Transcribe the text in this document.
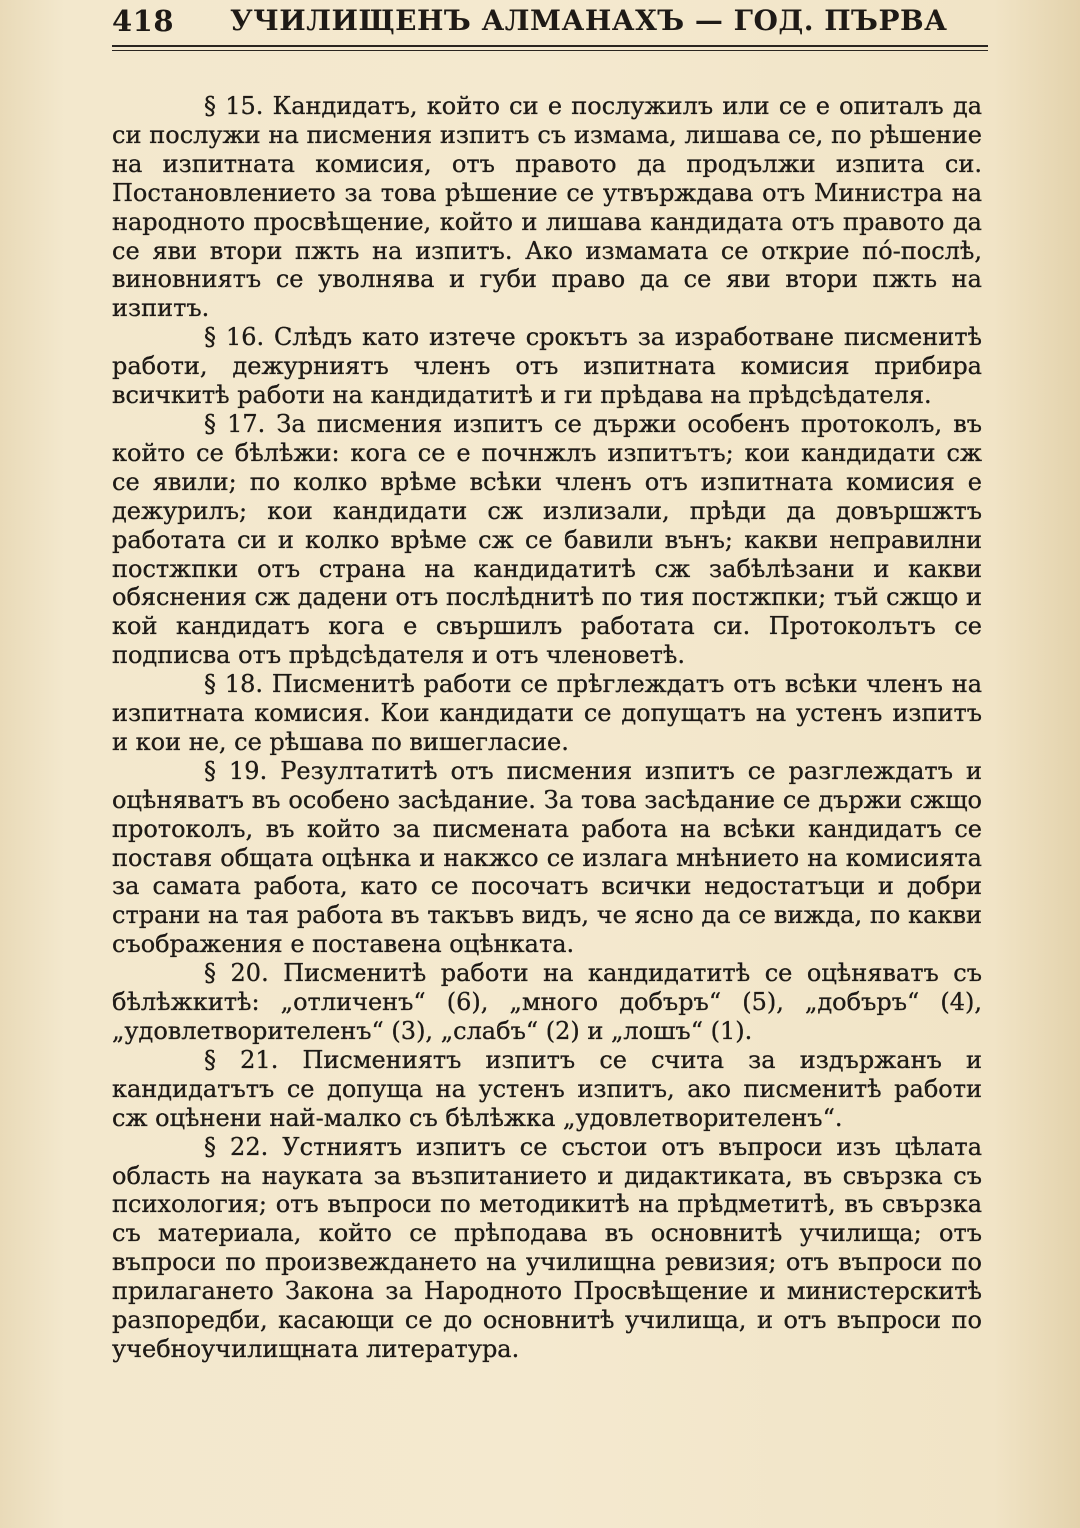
418 УЧИЛИЩЕНЪ АЛМАНАХЪ — ГОД. ПЪРВА

§ 15. Кандидатъ, който си е послужилъ или се е опиталъ да си послужи на писмения изпитъ съ измама, лишава се, по рѣшение на изпитната комисия, отъ правото да продължи изпита си. Постановлението за това рѣшение се утвърждава отъ Министра на народното просвѣщение, който и лишава кандидата отъ правото да се яви втори пжть на изпитъ. Ако измамата се открие пó-послѣ, виновниятъ се уволнява и губи право да се яви втори пжть на изпитъ.

§ 16. Слѣдъ като изтече срокътъ за изработване писменитѣ работи, дежурниятъ членъ отъ изпитната комисия прибира всичкитѣ работи на кандидатитѣ и ги прѣдава на прѣдсѣдателя.

§ 17. За писмения изпитъ се държи особенъ протоколъ, въ който се бѣлѣжи: кога се е почнжлъ изпитътъ; кои кандидати сж се явили; по колко врѣме всѣки членъ отъ изпитната комисия е дежурилъ; кои кандидати сж излизали, прѣди да довършжтъ работата си и колко врѣме сж се бавили вънъ; какви неправилни постжпки отъ страна на кандидатитѣ сж забѣлѣзани и какви обяснения сж дадени отъ послѣднитѣ по тия постжпки; тъй сжщо и кой кандидатъ кога е свършилъ работата си. Протоколътъ се подписва отъ прѣдсѣдателя и отъ членоветѣ.

§ 18. Писменитѣ работи се прѣглеждатъ отъ всѣки членъ на изпитната комисия. Кои кандидати се допущатъ на устенъ изпитъ и кои не, се рѣшава по вишегласие.

§ 19. Резултатитѣ отъ писмения изпитъ се разглеждатъ и оцѣняватъ въ особено засѣдание. За това засѣдание се държи сжщо протоколъ, въ който за писмената работа на всѣки кандидатъ се поставя общата оцѣнка и накжсо се излага мнѣнието на комисията за самата работа, като се посочатъ всички недостатъци и добри страни на тая работа въ такъвъ видъ, че ясно да се вижда, по какви съображения е поставена оцѣнката.

§ 20. Писменитѣ работи на кандидатитѣ се оцѣняватъ съ бѣлѣжкитѣ: „отличенъ“ (6), „много добъръ“ (5), „добъръ“ (4), „удовлетворителенъ“ (3), „слабъ“ (2) и „лошъ“ (1).

§ 21. Писмениятъ изпитъ се счита за издържанъ и кандидатътъ се допуща на устенъ изпитъ, ако писменитѣ работи сж оцѣнени най-малко съ бѣлѣжка „удовлетворителенъ“.

§ 22. Устниятъ изпитъ се състои отъ въпроси изъ цѣлата область на науката за възпитанието и дидактиката, въ свързка съ психология; отъ въпроси по методикитѣ на прѣдметитѣ, въ свързка съ материала, който се прѣподава въ основнитѣ училища; отъ въпроси по произвеждането на училищна ревизия; отъ въпроси по прилагането Закона за Народното Просвѣщение и министерскитѣ разпоредби, касающи се до основнитѣ училища, и отъ въпроси по учебноучилищната литература.
